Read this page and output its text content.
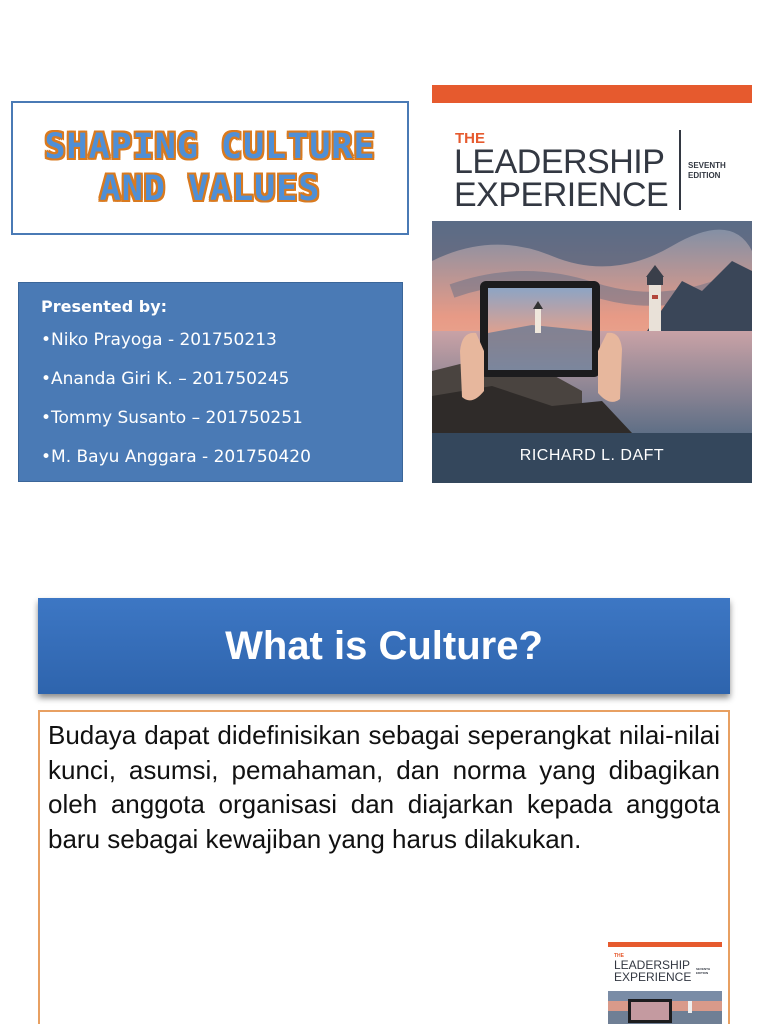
SHAPING CULTURE
AND VALUES
Presented by:
•Niko Prayoga - 201750213
•Ananda Giri K. – 201750245
•Tommy Susanto – 201750251
•M. Bayu Anggara - 201750420
THE
LEADERSHIP
EXPERIENCE
SEVENTH
EDITION
RICHARD L. DAFT
What is Culture?

Budaya dapat didefinisikan sebagai seperangkat nilai-nilai kunci, asumsi, pemahaman, dan norma yang dibagikan oleh anggota organisasi dan diajarkan kepada anggota baru sebagai kewajiban yang harus dilakukan.

THE
LEADERSHIP
EXPERIENCE
SEVENTH
EDITION
